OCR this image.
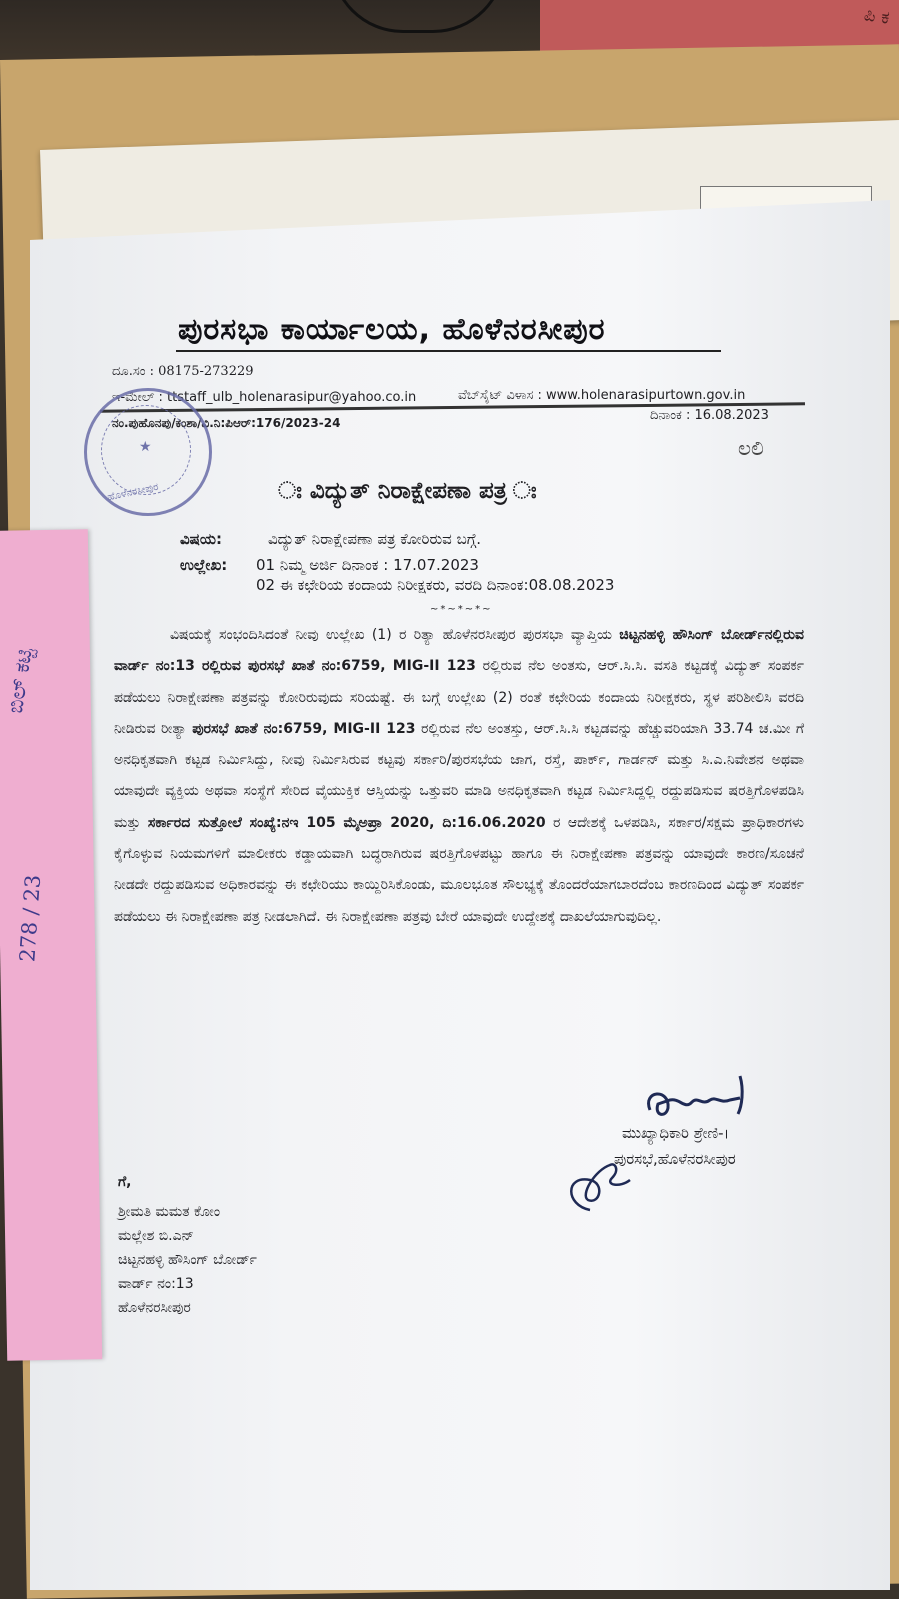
ಪಿ ಕ
ಬಿಲ್ ಕಟ್ಟಿ
278 / 23
ಪುರಸಭಾ ಕಾರ್ಯಾಲಯ, ಹೊಳೆನರಸೀಪುರ
ದೂ.ಸಂ : 08175-273229
ಇ-ಮೇಲ್ : ttstaff_ulb_holenarasipur@yahoo.co.in	ವೆಬ್‌ಸೈಟ್ ವಿಳಾಸ : www.holenarasipurtown.gov.in
ನಂ.ಪುಹೊನಪು/ಕಂಶಾ/ವಿ.ನಿ:ಪಿಆರ್:176/2023-24	ದಿನಾಂಕ : 16.08.2023
ಲಲಿ
★
ಹೊಳೆನರಸೀಪುರ	ಃ ವಿದ್ಯುತ್ ನಿರಾಕ್ಷೇಪಣಾ ಪತ್ರ ಃ
ವಿಷಯ:	ವಿದ್ಯುತ್ ನಿರಾಕ್ಷೇಪಣಾ ಪತ್ರ ಕೋರಿರುವ ಬಗ್ಗೆ.
ಉಲ್ಲೇಖ: 01 ನಿಮ್ಮ ಅರ್ಜಿ ದಿನಾಂಕ : 17.07.2023
02 ಈ ಕಛೇರಿಯ ಕಂದಾಯ ನಿರೀಕ್ಷಕರು, ವರದಿ ದಿನಾಂಕ:08.08.2023
~*~*~*~
ವಿಷಯಕ್ಕೆ ಸಂಭಂದಿಸಿದಂತೆ ನೀವು ಉಲ್ಲೇಖ (1) ರ ರಿತ್ಯಾ ಹೊಳೆನರಸೀಪುರ ಪುರಸಭಾ ವ್ಯಾಪ್ತಿಯ ಚಿಟ್ಟನಹಳ್ಳಿ ಹೌಸಿಂಗ್ ಬೋರ್ಡ್‌ನಲ್ಲಿರುವ ವಾರ್ಡ್ ನಂ:13 ರಲ್ಲಿರುವ ಪುರಸಭೆ ಖಾತೆ ನಂ:6759, MIG-II 123 ರಲ್ಲಿರುವ ನೆಲ ಅಂತಸು, ಆರ್.ಸಿ.ಸಿ. ವಸತಿ ಕಟ್ಟಡಕ್ಕೆ ವಿದ್ಯುತ್ ಸಂಪರ್ಕ ಪಡೆಯಲು ನಿರಾಕ್ಷೇಪಣಾ ಪತ್ರವನ್ನು ಕೋರಿರುವುದು ಸರಿಯಷ್ಟೆ. ಈ ಬಗ್ಗೆ ಉಲ್ಲೇಖ (2) ರಂತೆ ಕಛೇರಿಯ ಕಂದಾಯ ನಿರೀಕ್ಷಕರು, ಸ್ಥಳ ಪರಿಶೀಲಿಸಿ ವರದಿ ನೀಡಿರುವ ರೀತ್ಯಾ ಪುರಸಭೆ ಖಾತೆ ನಂ:6759, MIG-II 123 ರಲ್ಲಿರುವ ನೆಲ ಅಂತಸ್ತು, ಆರ್.ಸಿ.ಸಿ ಕಟ್ಟಡವನ್ನು ಹೆಚ್ಚುವರಿಯಾಗಿ 33.74 ಚ.ಮೀ ಗೆ ಅನಧಿಕೃತವಾಗಿ ಕಟ್ಟಡ ನಿರ್ಮಿಸಿದ್ದು, ನೀವು ನಿರ್ಮಿಸಿರುವ ಕಟ್ಟವು ಸರ್ಕಾರಿ/ಪುರಸಭೆಯ ಜಾಗ, ರಸ್ತೆ, ಪಾರ್ಕ್, ಗಾರ್ಡನ್ ಮತ್ತು ಸಿ.ಎ.ನಿವೇಶನ ಅಥವಾ ಯಾವುದೇ ವ್ಯಕ್ತಿಯ ಅಥವಾ ಸಂಸ್ಥೆಗೆ ಸೇರಿದ ವೈಯುಕ್ತಿಕ ಆಸ್ತಿಯನ್ನು ಒತ್ತುವರಿ ಮಾಡಿ ಅನಧಿಕೃತವಾಗಿ ಕಟ್ಟಡ ನಿರ್ಮಿಸಿದ್ದಲ್ಲಿ ರದ್ದುಪಡಿಸುವ ಷರತ್ತಿಗೊಳಪಡಿಸಿ ಮತ್ತು ಸರ್ಕಾರದ ಸುತ್ತೋಲೆ ಸಂಖ್ಯೆ:ನಇ 105 ಮೈಅಪ್ರಾ 2020, ದಿ:16.06.2020 ರ ಆದೇಶಕ್ಕೆ ಒಳಪಡಿಸಿ, ಸರ್ಕಾರ/ಸಕ್ಷಮ ಪ್ರಾಧಿಕಾರಗಳು ಕೈಗೊಳ್ಳುವ ನಿಯಮಗಳಿಗೆ ಮಾಲೀಕರು ಕಡ್ಡಾಯವಾಗಿ ಬದ್ಧರಾಗಿರುವ ಷರತ್ತಿಗೊಳಪಟ್ಟು ಹಾಗೂ ಈ ನಿರಾಕ್ಷೇಪಣಾ ಪತ್ರವನ್ನು ಯಾವುದೇ ಕಾರಣ/ಸೂಚನೆ ನೀಡದೇ ರದ್ದುಪಡಿಸುವ ಅಧಿಕಾರವನ್ನು ಈ ಕಛೇರಿಯು ಕಾಯ್ದಿರಿಸಿಕೊಂಡು, ಮೂಲಭೂತ ಸೌಲಭ್ಯಕ್ಕೆ ತೊಂದರೆಯಾಗಬಾರದೆಂಬ ಕಾರಣದಿಂದ ವಿದ್ಯುತ್ ಸಂಪರ್ಕ ಪಡೆಯಲು ಈ ನಿರಾಕ್ಷೇಪಣಾ ಪತ್ರ ನೀಡಲಾಗಿದೆ. ಈ ನಿರಾಕ್ಷೇಪಣಾ ಪತ್ರವು ಬೇರೆ ಯಾವುದೇ ಉದ್ದೇಶಕ್ಕೆ ದಾಖಲೆಯಾಗುವುದಿಲ್ಲ.
ಮುಖ್ಯಾಧಿಕಾರಿ ಶ್ರೇಣಿ-।
ಪುರಸಭೆ,ಹೊಳೆನರಸೀಪುರ
ಗೆ,
ಶ್ರೀಮತಿ ಮಮತ ಕೋಂ
ಮಲ್ಲೇಶ ಬಿ.ಎನ್
ಚಿಟ್ಟನಹಳ್ಳಿ ಹೌಸಿಂಗ್ ಬೋರ್ಡ್
ವಾರ್ಡ್ ನಂ:13
ಹೊಳೆನರಸೀಪುರ
